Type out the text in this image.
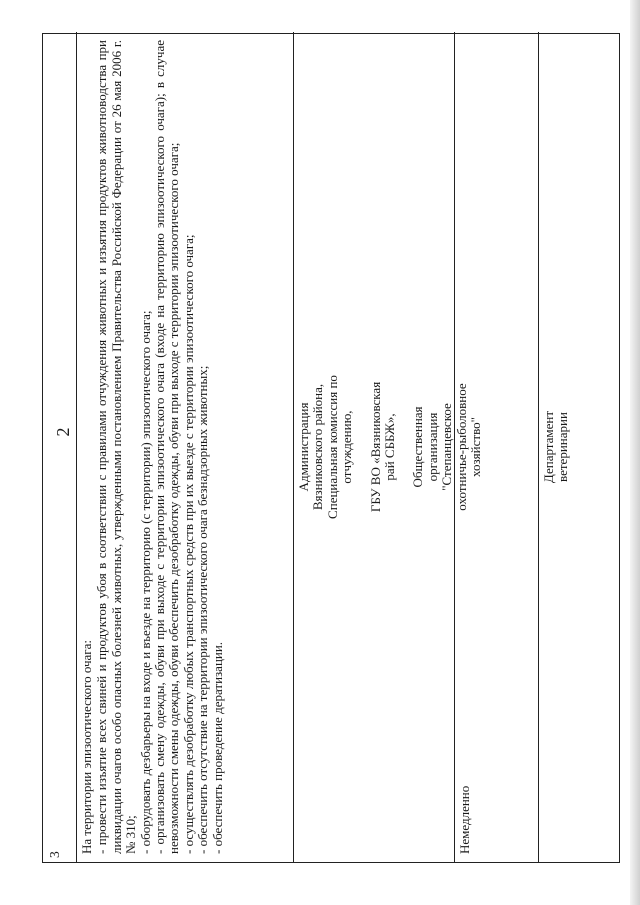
2
3

На территории эпизоотического очага: - провести изъятие всех свиней и продуктов убоя в соответствии с правилами отчуждения животных и изъятия продуктов животноводства при ликвидации очагов особо опасных болезней животных, утвержденными постановлением Правительства Российской Федерации от 26 мая 2006 г. № 310; - оборудовать дезбарьеры на входе и въезде на территорию (с территории) эпизоотического очага; - организовать смену одежды, обуви при выходе с территории эпизоотического очага (входе на территорию эпизоотического очага); в случае невозможности смены одежды, обуви обеспечить дезобработку одежды, обуви при выходе с территории эпизоотического очага; - осуществлять дезобработку любых транспортных средств при их выезде с территории эпизоотического очага; - обеспечить отсутствие на территории эпизоотического очага безнадзорных животных; - обеспечить проведение дератизации.

Администрация Вязниковского района, Специальная комиссия по отчуждению, ГБУ ВО «Вязниковская рай СББЖ», Общественная организация "Степанцевское охотничье-рыболовное хозяйство"
Немедленно
Департамент ветеринарии
